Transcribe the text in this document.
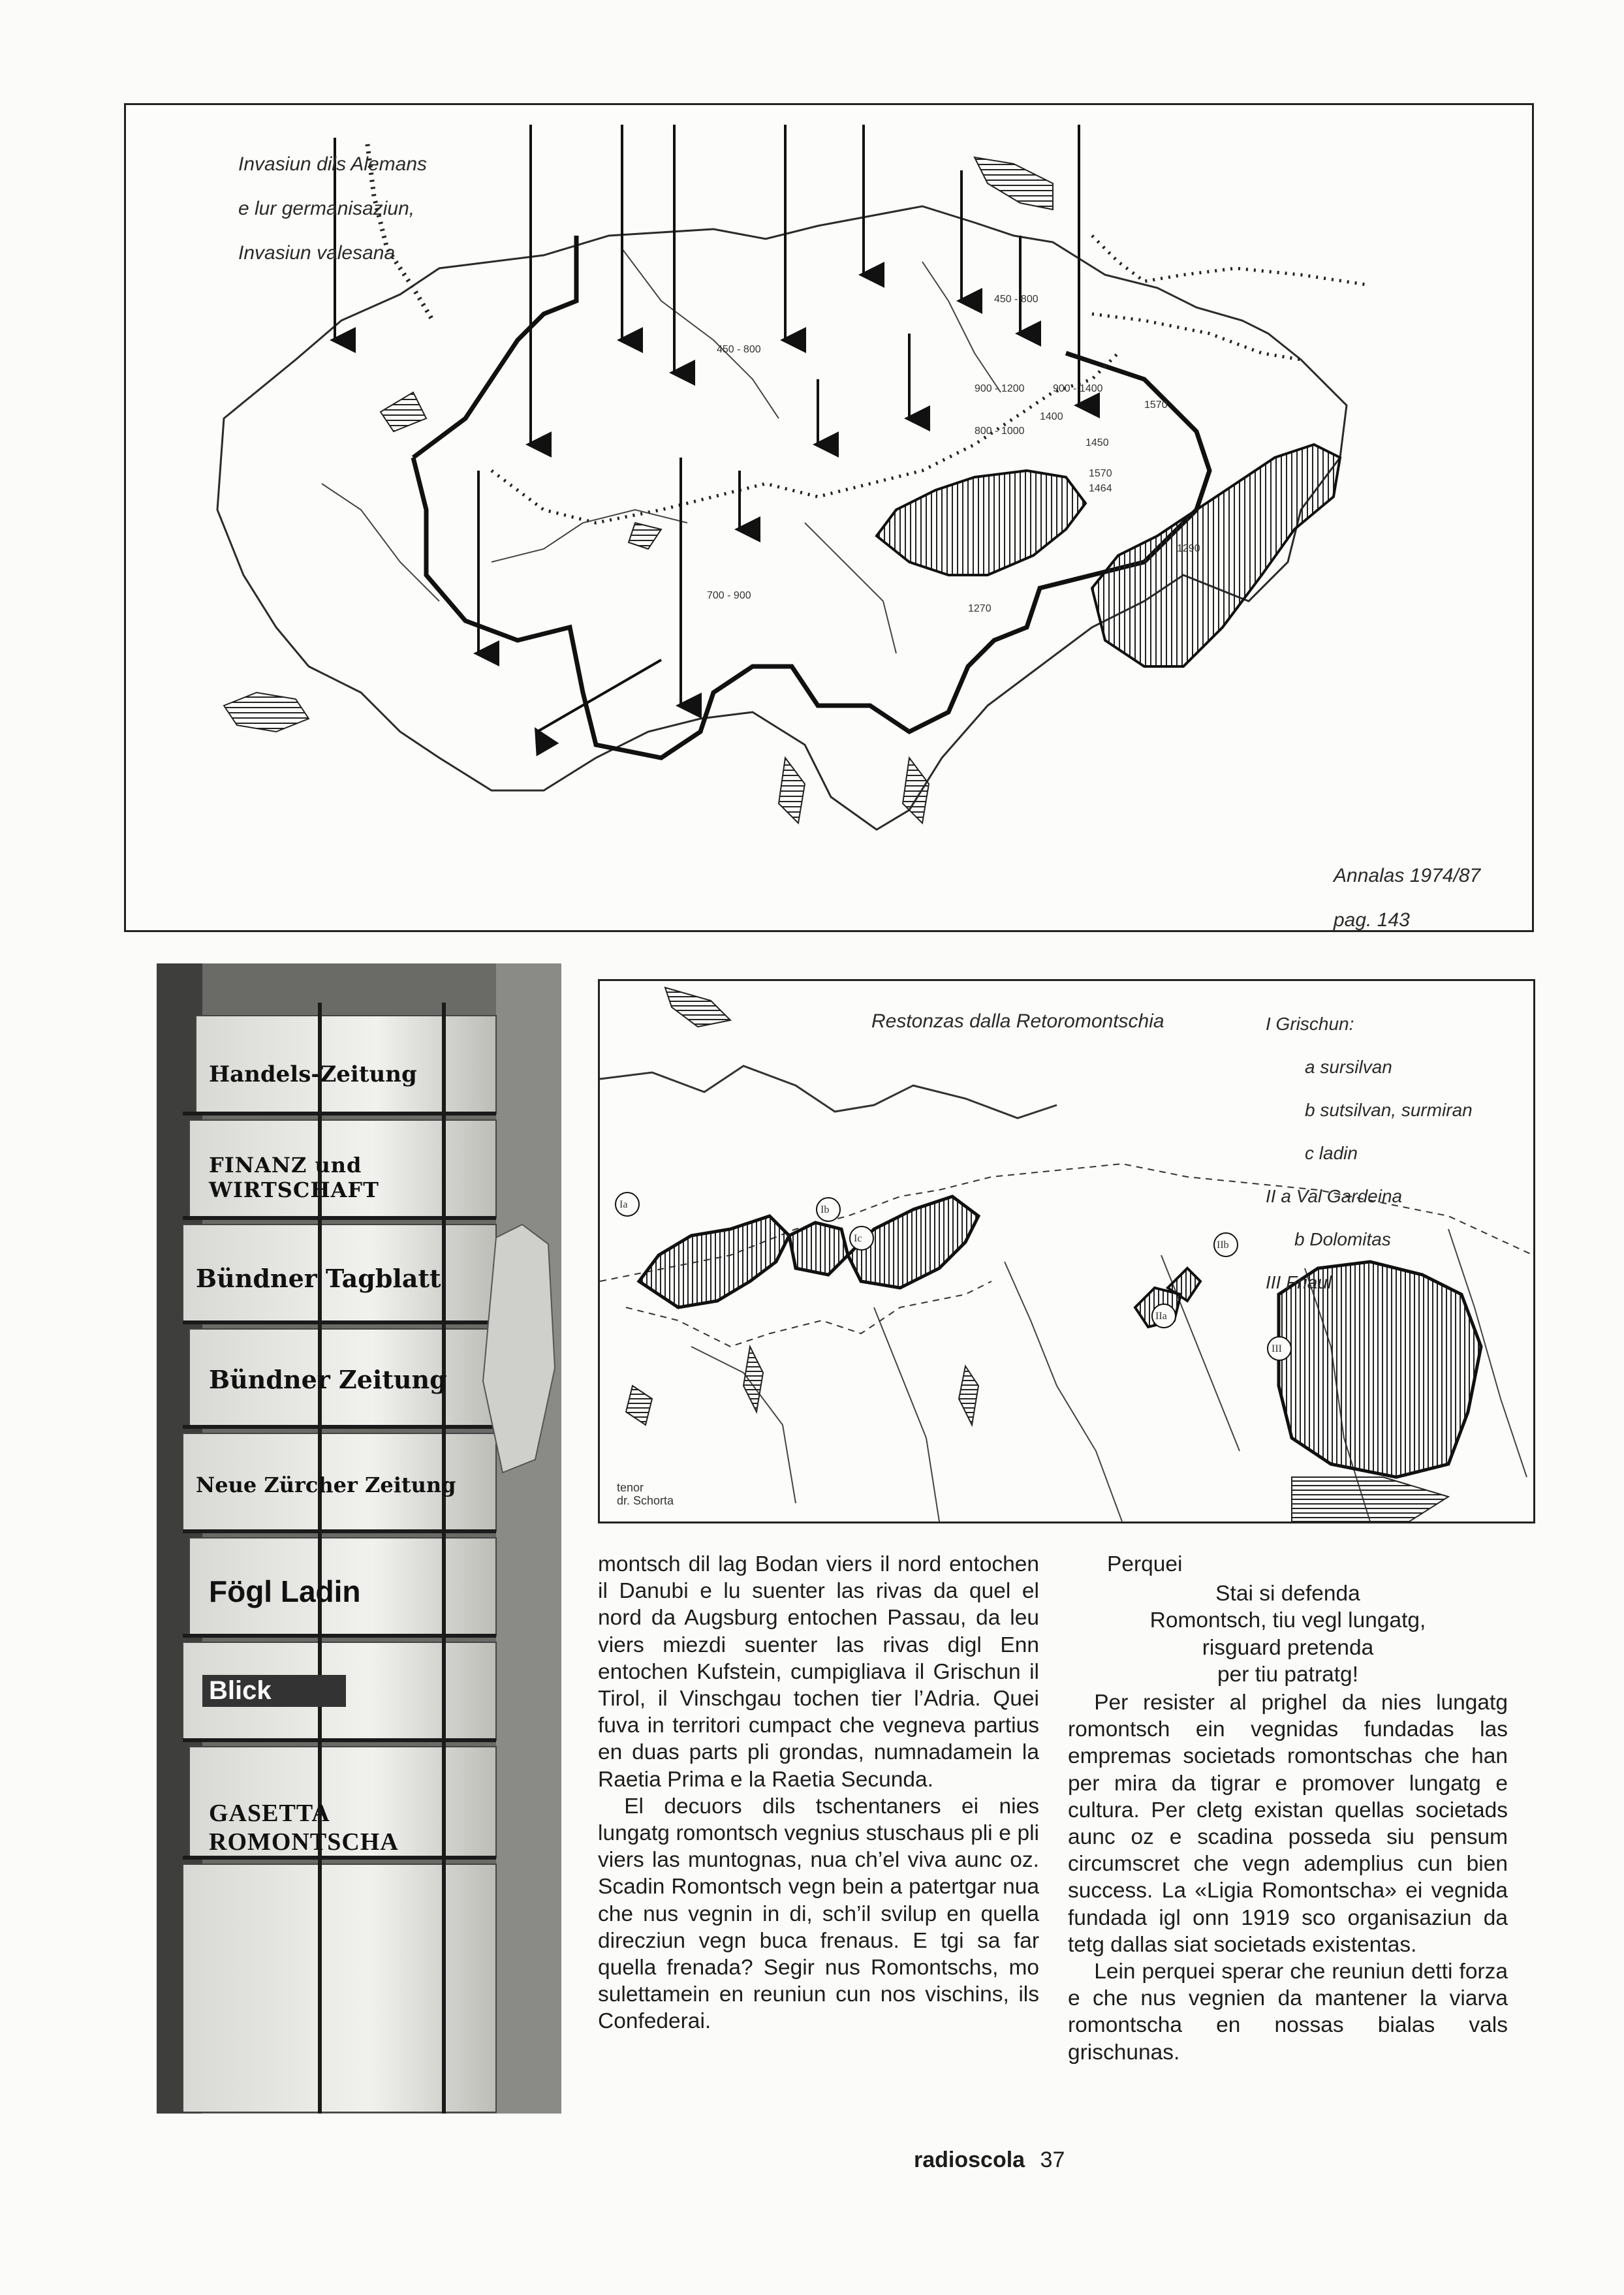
Invasiun dils Alemans

e lur germanisaziun,

Invasiun valesana

Annalas 1974/87

pag. 143

450 - 800
450 - 800
900 - 1200	900 - 1400
1400
800 - 1000
1570
1450
1570
1464
1290
700 - 900
1270
Handels-Zeitung
FINANZ und WIRTSCHAFT
Bündner Tagblatt
Bündner Zeitung
Neue Zürcher Zeitung
Fögl Ladin
Blick
GASETTA ROMONTSCHA
Ia	Ib
Ic
IIb
IIa
III
Restonzas dalla Retoromontschia	I Grischun:

a sursilvan

b sutsilvan, surmiran

c ladin

II a Val Gardeina

b Dolomitas

III Friaul

tenor
dr. Schorta

montsch dil lag Bodan viers il nord entochen il Danubi e lu suenter las rivas da quel el nord da Augsburg entochen Passau, da leu viers miezdi suenter las rivas digl Enn entochen Kufstein, cumpigliava il Grischun il Tirol, il Vinschgau tochen tier l’Adria. Quei fuva in territori cumpact che vegneva partius en duas parts pli grondas, numnadamein la Raetia Prima e la Raetia Secunda.

El decuors dils tschentaners ei nies lungatg romontsch vegnius stuschaus pli e pli viers las muntognas, nua ch’el viva aunc oz. Scadin Romontsch vegn bein a patertgar nua che nus vegnin in di, sch’il svilup en quella direcziun vegn buca frenaus. E tgi sa far quella frenada? Segir nus Romontschs, mo sulettamein en reuniun cun nos vischins, ils Confederai.

Perquei

Stai si defenda

Romontsch, tiu vegl lungatg,

risguard pretenda

per tiu patratg!

Per resister al prighel da nies lungatg romontsch ein vegnidas fundadas las empremas societads romontschas che han per mira da tigrar e promover lungatg e cultura. Per cletg existan quellas societads aunc oz e scadina posseda siu pensum circumscret che vegn ademplius cun bien success. La «Ligia Romontscha» ei vegnida fundada igl onn 1919 sco organisaziun da tetg dallas siat societads existentas.

Lein perquei sperar che reuniun detti forza e che nus vegnien da mantener la viarva romontscha en nossas bialas vals grischunas.

radioscola 37
